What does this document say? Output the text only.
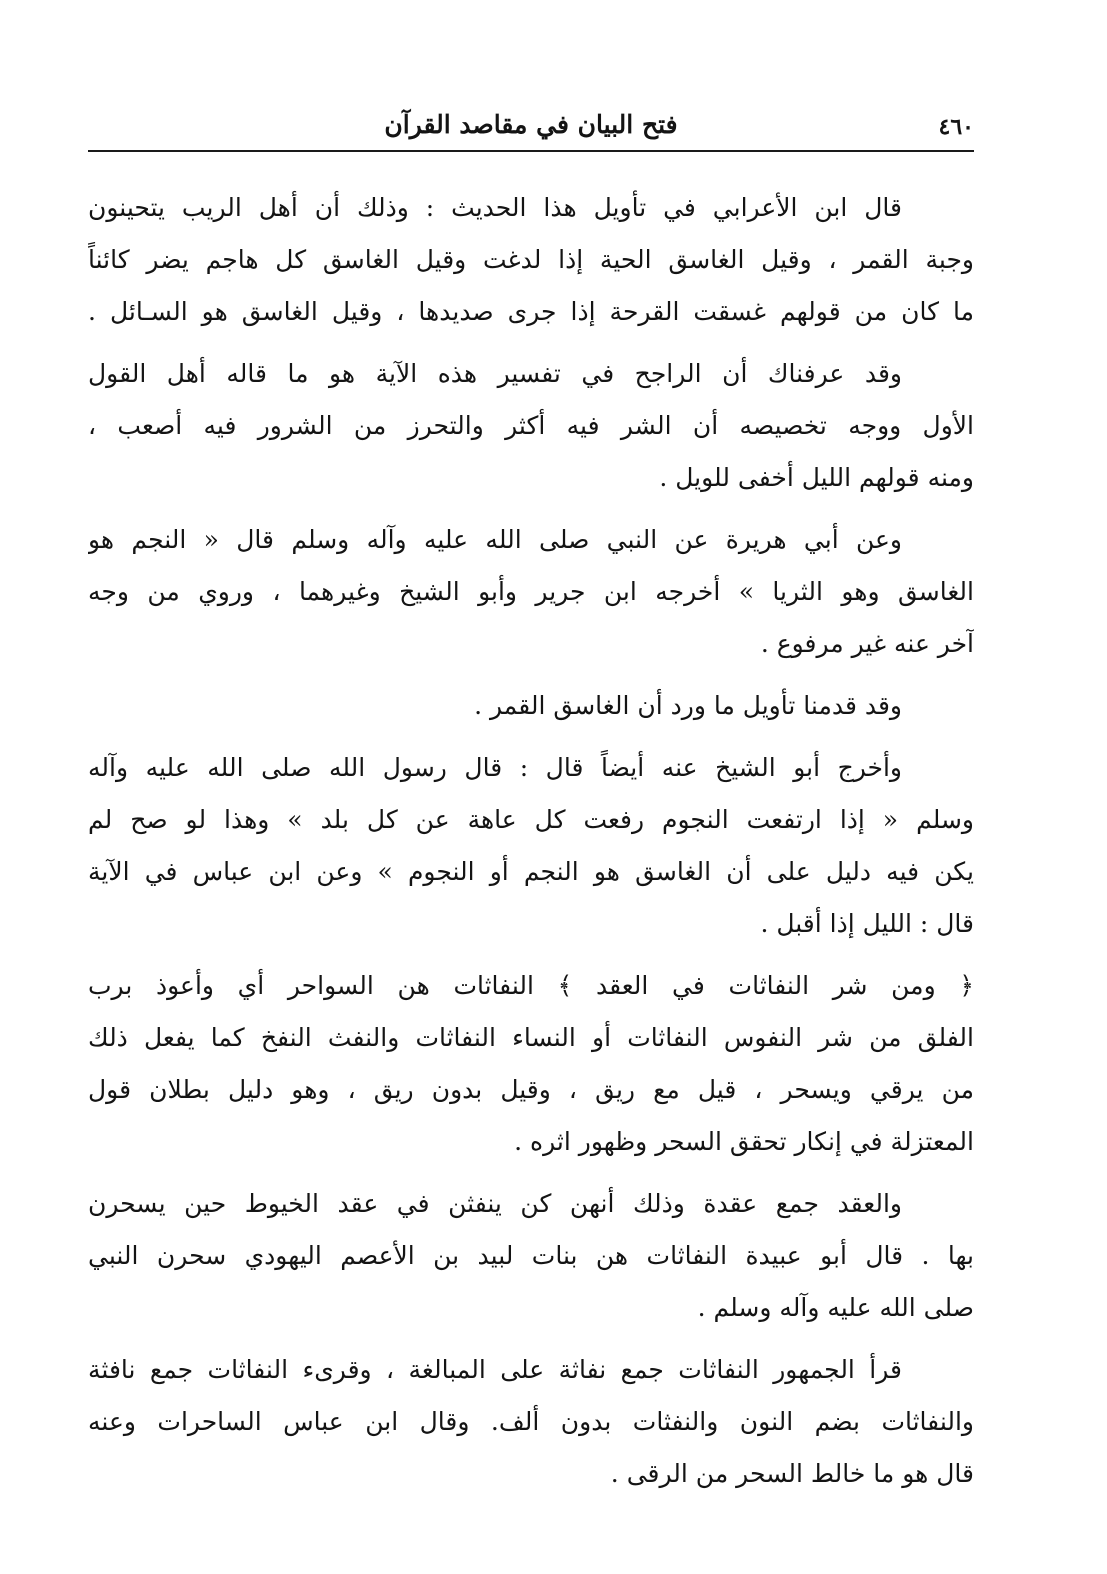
٤٦٠
فتح البيان في مقاصد القرآن
قال ابن الأعرابي في تأويل هذا الحديث : وذلك أن أهل الريب يتحينون
وجبة القمر ، وقيل الغاسق الحية إذا لدغت وقيل الغاسق كل هاجم يضر كائناً
ما كان من قولهم غسقت القرحة إذا جرى صديدها ، وقيل الغاسق هو السـائل .
وقد عرفناك أن الراجح في تفسير هذه الآية هو ما قاله أهل القول
الأول ووجه تخصيصه أن الشر فيه أكثر والتحرز من الشرور فيه أصعب ،
ومنه قولهم الليل أخفى للويل .
وعن أبي هريرة عن النبي صلى الله عليه وآله وسلم قال « النجم هو
الغاسق وهو الثريا » أخرجه ابن جرير وأبو الشيخ وغيرهما ، وروي من وجه
آخر عنه غير مرفوع .
وقد قدمنا تأويل ما ورد أن الغاسق القمر .
وأخرج أبو الشيخ عنه أيضاً قال : قال رسول الله صلى الله عليه وآله
وسلم « إذا ارتفعت النجوم رفعت كل عاهة عن كل بلد » وهذا لو صح لم
يكن فيه دليل على أن الغاسق هو النجم أو النجوم » وعن ابن عباس في الآية
قال : الليل إذا أقبل .
﴿ ومن شر النفاثات في العقد ﴾ النفاثات هن السواحر أي وأعوذ برب
الفلق من شر النفوس النفاثات أو النساء النفاثات والنفث النفخ كما يفعل ذلك
من يرقي ويسحر ، قيل مع ريق ، وقيل بدون ريق ، وهو دليل بطلان قول
المعتزلة في إنكار تحقق السحر وظهور اثره .
والعقد جمع عقدة وذلك أنهن كن ينفثن في عقد الخيوط حين يسحرن
بها . قال أبو عبيدة النفاثات هن بنات لبيد بن الأعصم اليهودي سحرن النبي
صلى الله عليه وآله وسلم .
قرأ الجمهور النفاثات جمع نفاثة على المبالغة ، وقرىء النفاثات جمع نافثة
والنفاثات بضم النون والنفثات بدون ألف. وقال ابن عباس الساحرات وعنه
قال هو ما خالط السحر من الرقى .
